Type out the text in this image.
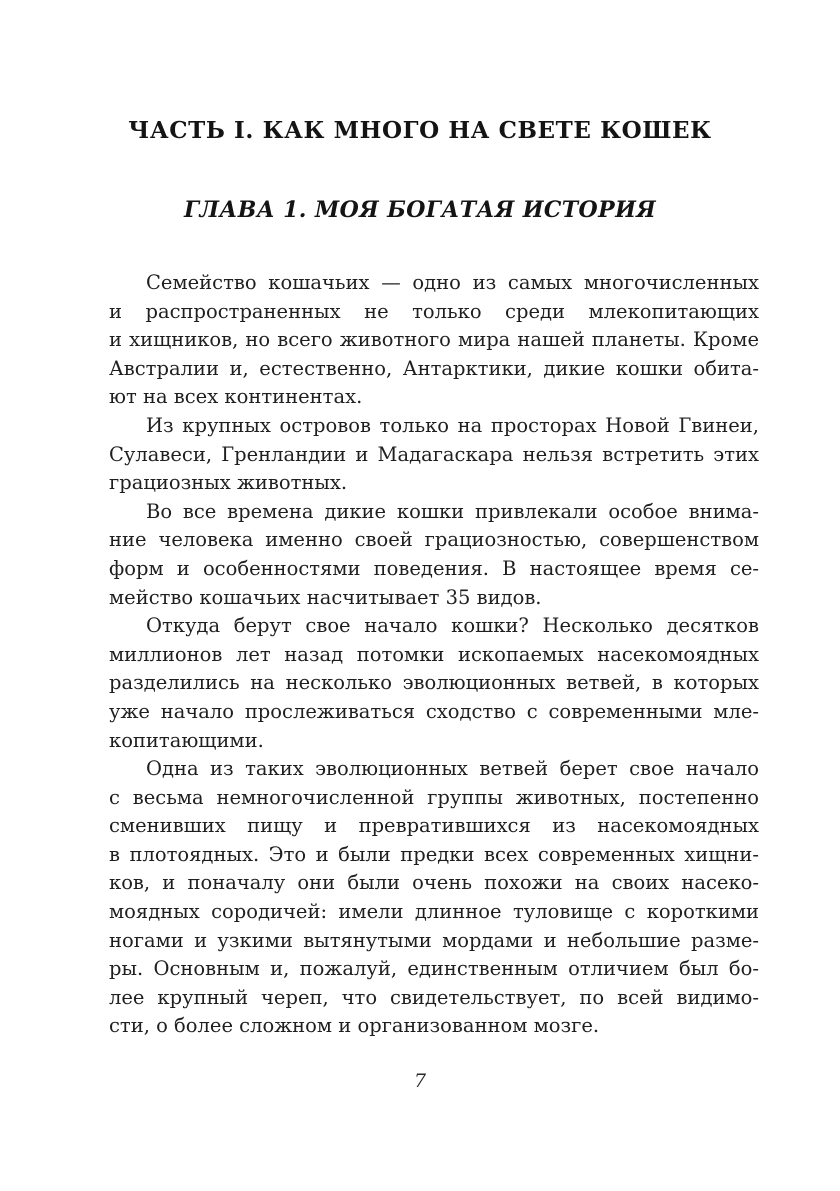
ЧАСТЬ I. КАК МНОГО НА СВЕТЕ КОШЕК
ГЛАВА 1. МОЯ БОГАТАЯ ИСТОРИЯ
Семейство кошачьих — одно из самых многочисленных
и распространенных не только среди млекопитающих
и хищников, но всего животного мира нашей планеты. Кроме
Австралии и, естественно, Антарктики, дикие кошки обита-
ют на всех континентах.
Из крупных островов только на просторах Новой Гвинеи,
Сулавеси, Гренландии и Мадагаскара нельзя встретить этих
грациозных животных.
Во все времена дикие кошки привлекали особое внима-
ние человека именно своей грациозностью, совершенством
форм и особенностями поведения. В настоящее время се-
мейство кошачьих насчитывает 35 видов.
Откуда берут свое начало кошки? Несколько десятков
миллионов лет назад потомки ископаемых насекомоядных
разделились на несколько эволюционных ветвей, в которых
уже начало прослеживаться сходство с современными мле-
копитающими.
Одна из таких эволюционных ветвей берет свое начало
с весьма немногочисленной группы животных, постепенно
сменивших пищу и превратившихся из насекомоядных
в плотоядных. Это и были предки всех современных хищни-
ков, и поначалу они были очень похожи на своих насеко-
моядных сородичей: имели длинное туловище с короткими
ногами и узкими вытянутыми мордами и небольшие разме-
ры. Основным и, пожалуй, единственным отличием был бо-
лее крупный череп, что свидетельствует, по всей видимо-
сти, о более сложном и организованном мозге.
7
